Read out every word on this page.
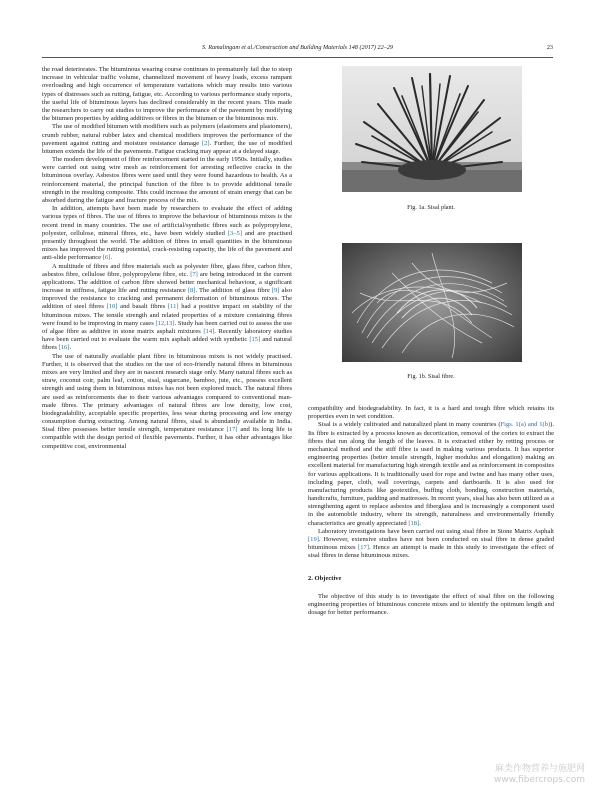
S. Ramalingam et al./Construction and Building Materials 148 (2017) 22–29	23

the road deteriorates. The bituminous wearing course continues to prematurely fail due to steep increase in vehicular traffic volume, channelized movement of heavy loads, excess rampant overloading and high occurrence of temperature variations which may results into various types of distresses such as rutting, fatigue, etc. According to various performance study reports, the useful life of bituminous layers has declined considerably in the recent years. This made the researchers to carry out studies to improve the performance of the pavement by modifying the bitumen properties by adding additives or fibres in the bitumen or the bituminous mix.

The use of modified bitumen with modifiers such as polymers (elastomers and plastomers), crumb rubber, natural rubber latex and chemical modifiers improves the performance of the pavement against rutting and moisture resistance damage [2]. Further, the use of modified bitumen extends the life of the pavements. Fatigue cracking may appear at a delayed stage.

The modern development of fibre reinforcement started in the early 1950s. Initially, studies were carried out using wire mesh as reinforcement for arresting reflective cracks in the bituminous overlay. Asbestos fibres were used until they were found hazardous to health. As a reinforcement material, the principal function of the fibre is to provide additional tensile strength in the resulting composite. This could increase the amount of strain energy that can be absorbed during the fatigue and fracture process of the mix.

In addition, attempts have been made by researchers to evaluate the effect of adding various types of fibres. The use of fibres to improve the behaviour of bituminous mixes is the recent trend in many countries. The use of artificial/synthetic fibres such as polypropylene, polyester, cellulose, mineral fibres, etc., have been widely studied [3–5] and are practised presently throughout the world. The addition of fibres in small quantities in the bituminous mixes has improved the rutting potential, crack-resisting capacity, the life of the pavement and anti-slide performance [6].

A multitude of fibres and fibre materials such as polyester fibre, glass fibre, carbon fibre, asbestos fibre, cellulose fibre, polypropylene fibre, etc. [7] are being introduced in the current applications. The addition of carbon fibre showed better mechanical behaviour, a significant increase in stiffness, fatigue life and rutting resistance [8]. The addition of glass fibre [9] also improved the resistance to cracking and permanent deformation of bituminous mixes. The addition of steel fibres [10] and basalt fibres [11] had a positive impact on stability of the bituminous mixes. The tensile strength and related properties of a mixture containing fibres were found to be improving in many cases [12,13]. Study has been carried out to assess the use of algae fibre as additive in stone matrix asphalt mixtures [14]. Recently laboratory studies have been carried out to evaluate the warm mix asphalt added with synthetic [15] and natural fibres [16].

The use of naturally available plant fibre in bituminous mixes is not widely practised. Further, it is observed that the studies on the use of eco-friendly natural fibres in bituminous mixes are very limited and they are in nascent research stage only. Many natural fibres such as straw, coconut coir, palm leaf, cotton, sisal, sugarcane, bamboo, jute, etc., possess excellent strength and using them in bituminous mixes has not been explored much. The natural fibres are used as reinforcements due to their various advantages compared to conventional man-made fibres. The primary advantages of natural fibres are low density, low cost, biodegradability, acceptable specific properties, less wear during processing and low energy consumption during extracting. Among natural fibres, sisal is abundantly available in India. Sisal fibre possesses better tensile strength, temperature resistance [17] and its long life is compatible with the design period of flexible pavements. Further, it has other advantages like competitive cost, environmental

Fig. 1a. Sisal plant.
Fig. 1b. Sisal fibre.

compatibility and biodegradability. In fact, it is a hard and tough fibre which retains its properties even in wet condition.

Sisal is a widely cultivated and naturalized plant in many countries (Figs. 1(a) and 1(b)). Its fibre is extracted by a process known as decortication, removal of the cortex to extract the fibres that run along the length of the leaves. It is extracted either by retting process or mechanical method and the stiff fibre is used in making various products. It has superior engineering properties (better tensile strength, higher modulus and elongation) making an excellent material for manufacturing high strength textile and as reinforcement in composites for various applications. It is traditionally used for rope and twine and has many other uses, including paper, cloth, wall coverings, carpets and dartboards. It is also used for manufacturing products like geotextiles, buffing cloth, bonding, construction materials, handicrafts, furniture, padding and mattresses. In recent years, sisal has also been utilized as a strengthening agent to replace asbestos and fiberglass and is increasingly a component used in the automobile industry, where its strength, naturalness and environmentally friendly characteristics are greatly appreciated [18].

Laboratory investigations have been carried out using sisal fibre in Stone Matrix Asphalt [19]. However, extensive studies have not been conducted on sisal fibre in dense graded bituminous mixes [17]. Hence an attempt is made in this study to investigate the effect of sisal fibres in dense bituminous mixes.

2. Objective

The objective of this study is to investigate the effect of sisal fibre on the following engineering properties of bituminous concrete mixes and to identify the optimum length and dosage for better performance.

麻类作物营养与施肥网
www.fibercrops.com
